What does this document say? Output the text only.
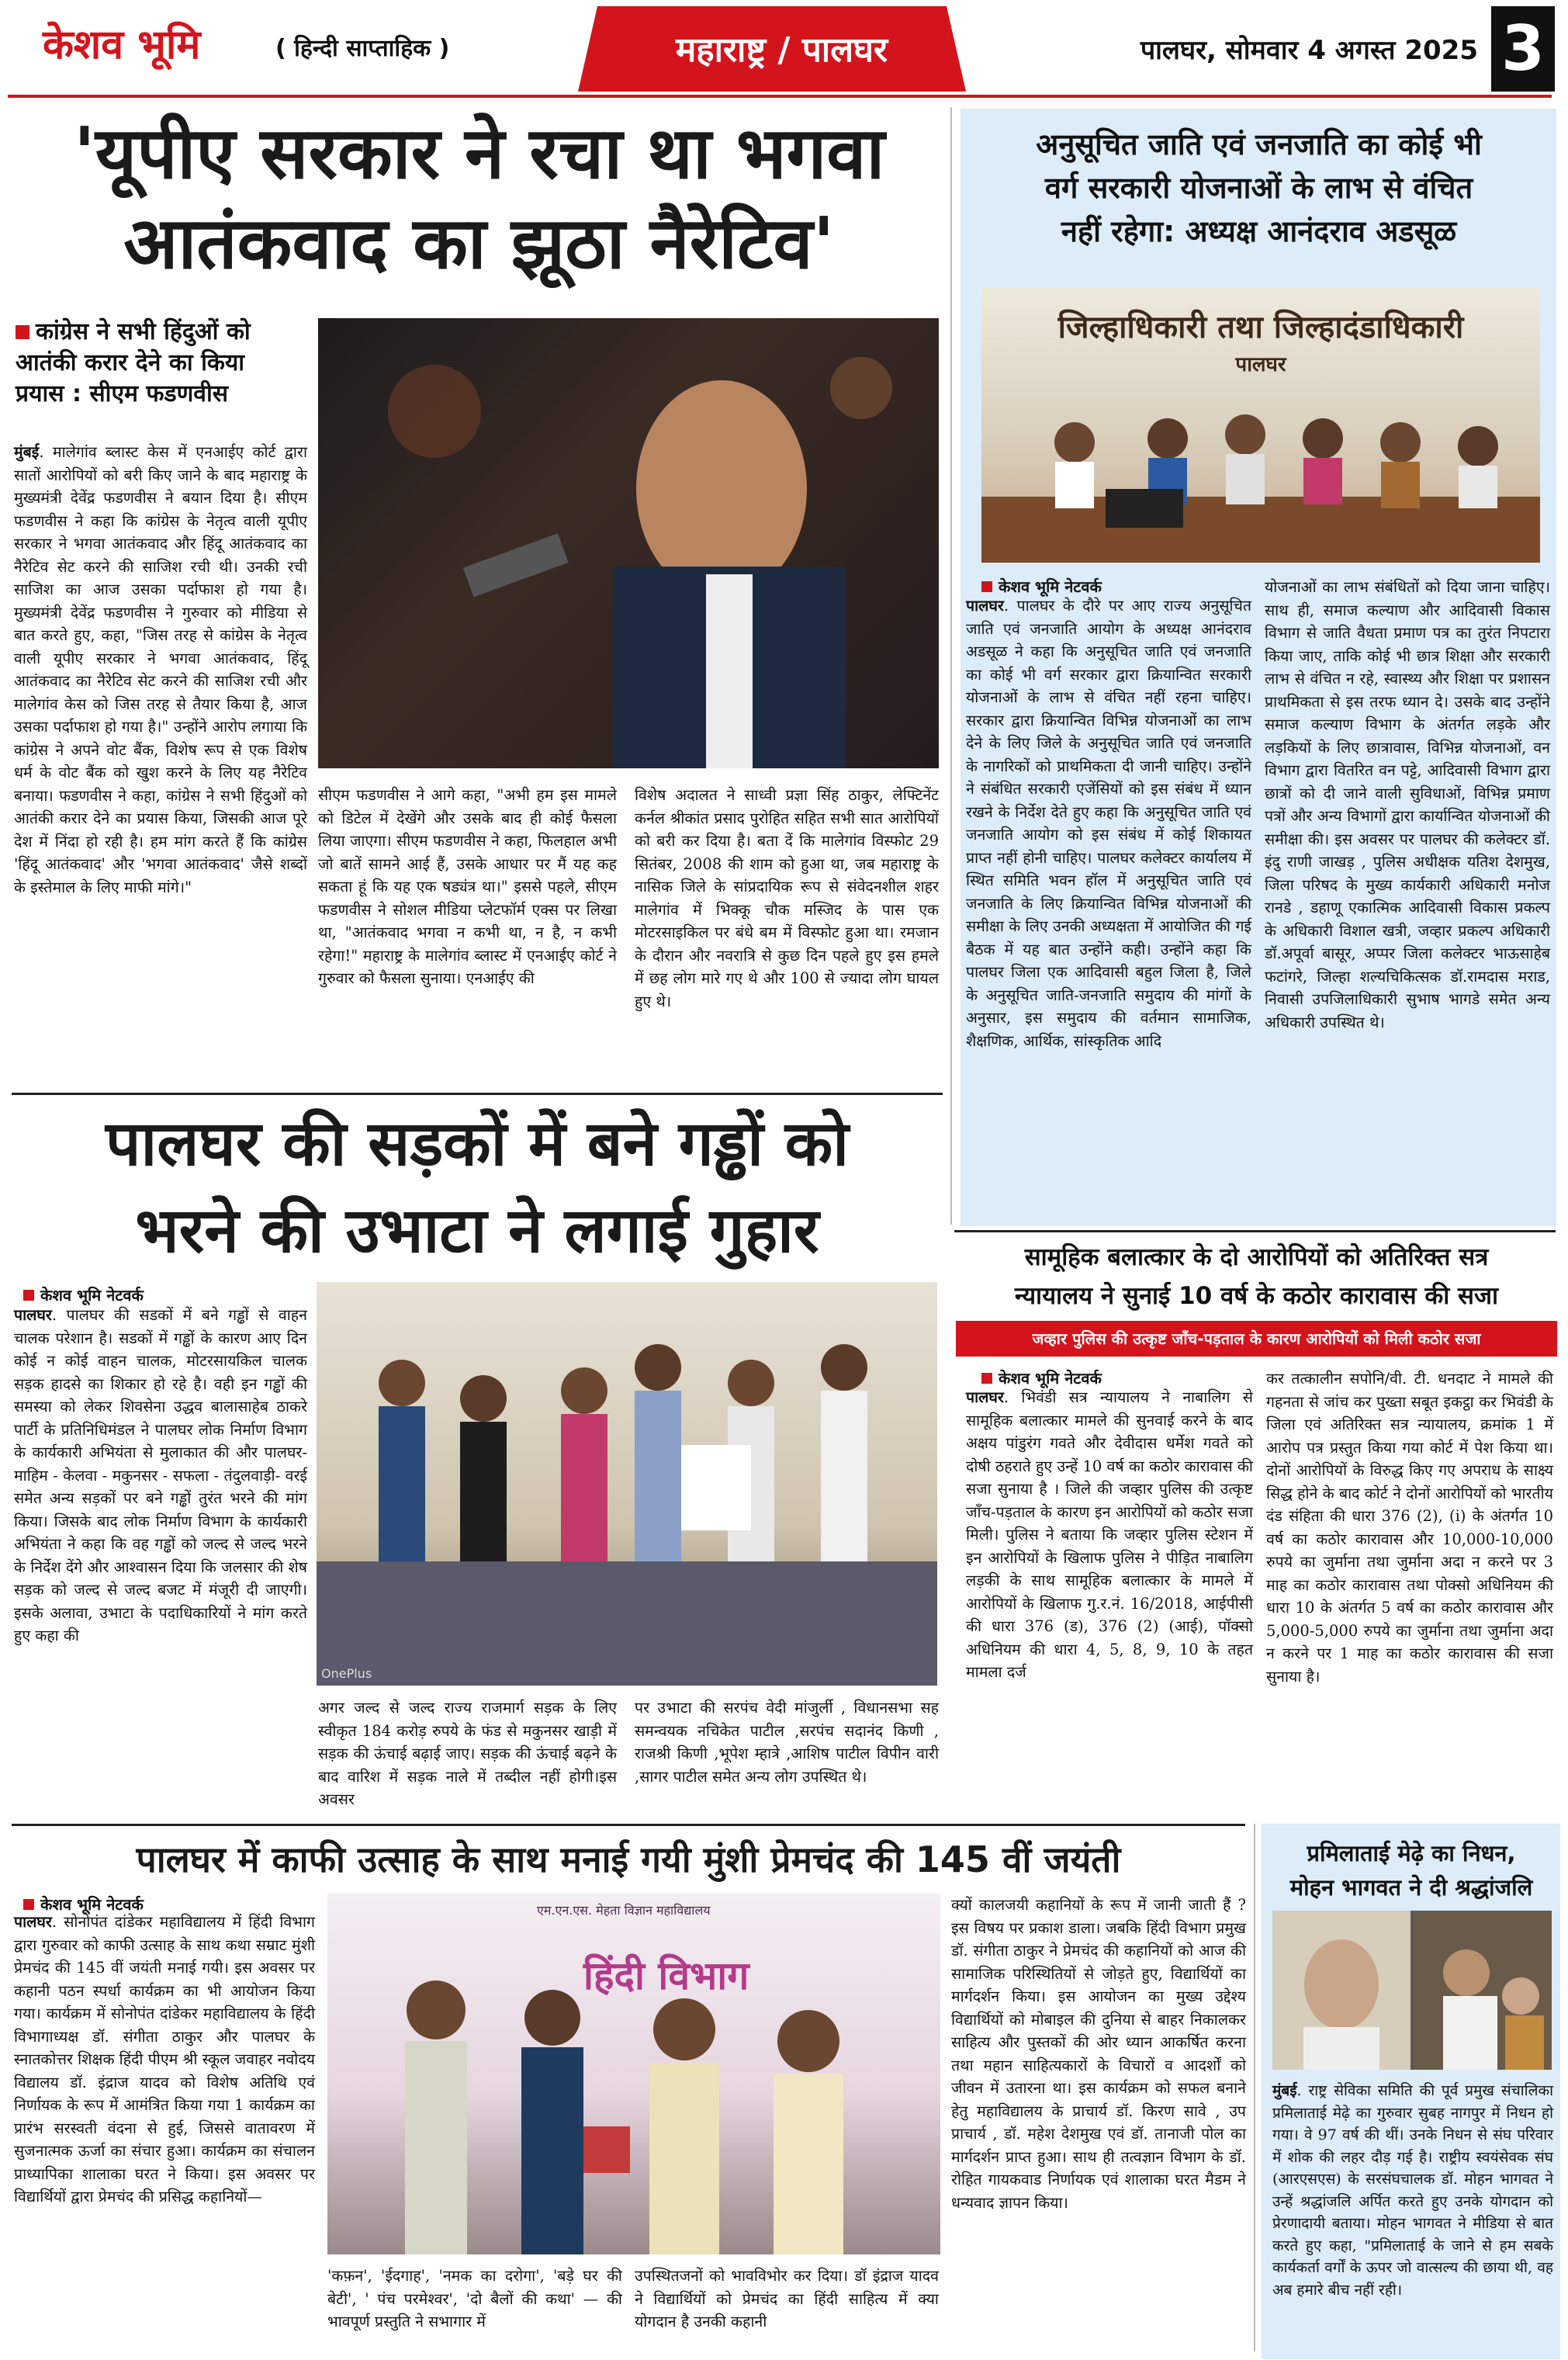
केशव भूमि	( हिन्दी साप्ताहिक )	महाराष्ट्र / पालघर	पालघर, सोमवार 4 अगस्त 2025 3
'यूपीए सरकार ने रचा था भगवा
आतंकवाद का झूठा नैरेटिव'
कांग्रेस ने सभी हिंदुओं को
आतंकी करार देने का किया
प्रयास : सीएम फडणवीस
मुंबई. मालेगांव ब्लास्ट केस में एनआईए कोर्ट द्वारा सातों आरोपियों को बरी किए जाने के बाद महाराष्ट्र के मुख्यमंत्री देवेंद्र फडणवीस ने बयान दिया है। सीएम फडणवीस ने कहा कि कांग्रेस के नेतृत्व वाली यूपीए सरकार ने भगवा आतंकवाद और हिंदू आतंकवाद का नैरेटिव सेट करने की साजिश रची थी। उनकी रची साजिश का आज उसका पर्दाफाश हो गया है। मुख्यमंत्री देवेंद्र फडणवीस ने गुरुवार को मीडिया से बात करते हुए, कहा, "जिस तरह से कांग्रेस के नेतृत्व वाली यूपीए सरकार ने भगवा आतंकवाद, हिंदू आतंकवाद का नैरेटिव सेट करने की साजिश रची और मालेगांव केस को जिस तरह से तैयार किया है, आज उसका पर्दाफाश हो गया है।" उन्होंने आरोप लगाया कि कांग्रेस ने अपने वोट बैंक, विशेष रूप से एक विशेष धर्म के वोट बैंक को खुश करने के लिए यह नैरेटिव बनाया। फडणवीस ने कहा, कांग्रेस ने सभी हिंदुओं को आतंकी करार देने का प्रयास किया, जिसकी आज पूरे देश में निंदा हो रही है। हम मांग करते हैं कि कांग्रेस 'हिंदू आतंकवाद' और 'भगवा आतंकवाद' जैसे शब्दों के इस्तेमाल के लिए माफी मांगे।"
सीएम फडणवीस ने आगे कहा, "अभी हम इस मामले को डिटेल में देखेंगे और उसके बाद ही कोई फैसला लिया जाएगा। सीएम फडणवीस ने कहा, फिलहाल अभी जो बातें सामने आई हैं, उसके आधार पर मैं यह कह सकता हूं कि यह एक षड्यंत्र था।" इससे पहले, सीएम फडणवीस ने सोशल मीडिया प्लेटफॉर्म एक्स पर लिखा था, "आतंकवाद भगवा न कभी था, न है, न कभी रहेगा!" महाराष्ट्र के मालेगांव ब्लास्ट में एनआईए कोर्ट ने गुरुवार को फैसला सुनाया। एनआईए की
विशेष अदालत ने साध्वी प्रज्ञा सिंह ठाकुर, लेफ्टिनेंट कर्नल श्रीकांत प्रसाद पुरोहित सहित सभी सात आरोपियों को बरी कर दिया है। बता दें कि मालेगांव विस्फोट 29 सितंबर, 2008 की शाम को हुआ था, जब महाराष्ट्र के नासिक जिले के सांप्रदायिक रूप से संवेदनशील शहर मालेगांव में भिक्कू चौक मस्जिद के पास एक मोटरसाइकिल पर बंधे बम में विस्फोट हुआ था। रमजान के दौरान और नवरात्रि से कुछ दिन पहले हुए इस हमले में छह लोग मारे गए थे और 100 से ज्यादा लोग घायल हुए थे।
अनुसूचित जाति एवं जनजाति का कोई भी
वर्ग सरकारी योजनाओं के लाभ से वंचित
नहीं रहेगा: अध्यक्ष आनंदराव अडसूळ
जिल्हाधिकारी तथा जिल्हादंडाधिकारी
पालघर
केशव भूमि नेटवर्क
पालघर. पालघर के दौरे पर आए राज्य अनुसूचित जाति एवं जनजाति आयोग के अध्यक्ष आनंदराव अडसूळ ने कहा कि अनुसूचित जाति एवं जनजाति का कोई भी वर्ग सरकार द्वारा क्रियान्वित सरकारी योजनाओं के लाभ से वंचित नहीं रहना चाहिए। सरकार द्वारा क्रियान्वित विभिन्न योजनाओं का लाभ देने के लिए जिले के अनुसूचित जाति एवं जनजाति के नागरिकों को प्राथमिकता दी जानी चाहिए। उन्होंने ने संबंधित सरकारी एजेंसियों को इस संबंध में ध्यान रखने के निर्देश देते हुए कहा कि अनुसूचित जाति एवं जनजाति आयोग को इस संबंध में कोई शिकायत प्राप्त नहीं होनी चाहिए। पालघर कलेक्टर कार्यालय में स्थित समिति भवन हॉल में अनुसूचित जाति एवं जनजाति के लिए क्रियान्वित विभिन्न योजनाओं की समीक्षा के लिए उनकी अध्यक्षता में आयोजित की गई बैठक में यह बात उन्होंने कही। उन्होंने कहा कि पालघर जिला एक आदिवासी बहुल जिला है, जिले के अनुसूचित जाति-जनजाति समुदाय की मांगों के अनुसार, इस समुदाय की वर्तमान सामाजिक, शैक्षणिक, आर्थिक, सांस्कृतिक आदि
योजनाओं का लाभ संबंधितों को दिया जाना चाहिए। साथ ही, समाज कल्याण और आदिवासी विकास विभाग से जाति वैधता प्रमाण पत्र का तुरंत निपटारा किया जाए, ताकि कोई भी छात्र शिक्षा और सरकारी लाभ से वंचित न रहे, स्वास्थ्य और शिक्षा पर प्रशासन प्राथमिकता से इस तरफ ध्यान दे। उसके बाद उन्होंने समाज कल्याण विभाग के अंतर्गत लड़के और लड़कियों के लिए छात्रावास, विभिन्न योजनाओं, वन विभाग द्वारा वितरित वन पट्टे, आदिवासी विभाग द्वारा छात्रों को दी जाने वाली सुविधाओं, विभिन्न प्रमाण पत्रों और अन्य विभागों द्वारा कार्यान्वित योजनाओं की समीक्षा की। इस अवसर पर पालघर की कलेक्टर डॉ. इंदु राणी जाखड़ , पुलिस अधीक्षक यतिश देशमुख, जिला परिषद के मुख्य कार्यकारी अधिकारी मनोज रानडे , डहाणू एकात्मिक आदिवासी विकास प्रकल्प के अधिकारी विशाल खत्री, जव्हार प्रकल्प अधिकारी डॉ.अपूर्वा बासूर, अप्पर जिला कलेक्टर भाऊसाहेब फटांगरे, जिल्हा शल्यचिकित्सक डॉ.रामदास मराड, निवासी उपजिलाधिकारी सुभाष भागडे समेत अन्य अधिकारी उपस्थित थे।
पालघर की सड़कों में बने गड्ढों को
भरने की उभाटा ने लगाई गुहार
केशव भूमि नेटवर्क
पालघर. पालघर की सडकों में बने गड्ढों से वाहन चालक परेशान है। सडकों में गड्ढों के कारण आए दिन कोई न कोई वाहन चालक, मोटरसायकिल चालक सड़क हादसे का शिकार हो रहे है। वही इन गड्ढों की समस्या को लेकर शिवसेना उद्धव बालासाहेब ठाकरे पार्टी के प्रतिनिधिमंडल ने पालघर लोक निर्माण विभाग के कार्यकारी अभियंता से मुलाकात की और पालघर- माहिम - केलवा - मकुनसर - सफला - तंदुलवाड़ी- वरई समेत अन्य सड़कों पर बने गड्ढों तुरंत भरने की मांग किया। जिसके बाद लोक निर्माण विभाग के कार्यकारी अभियंता ने कहा कि वह गड्ढों को जल्द से जल्द भरने के निर्देश देंगे और आश्वासन दिया कि जलसार की शेष सड़क को जल्द से जल्द बजट में मंजूरी दी जाएगी। इसके अलावा, उभाटा के पदाधिकारियों ने मांग करते हुए कहा की
OnePlus
अगर जल्द से जल्द राज्य राजमार्ग सड़क के लिए स्वीकृत 184 करोड़ रुपये के फंड से मकुनसर खाड़ी में सड़क की ऊंचाई बढ़ाई जाए। सड़क की ऊंचाई बढ़ने के बाद वारिश में सड़क नाले में तब्दील नहीं होगी।इस अवसर
पर उभाटा की सरपंच वेदी मांजुर्ली , विधानसभा सह समन्वयक नचिकेत पाटील ,सरपंच सदानंद किणी , राजश्री किणी ,भूपेश म्हात्रे ,आशिष पाटील विपीन वारी ,सागर पाटील समेत अन्य लोग उपस्थित थे।
सामूहिक बलात्कार के दो आरोपियों को अतिरिक्त सत्र
न्यायालय ने सुनाई 10 वर्ष के कठोर कारावास की सजा
जव्हार पुलिस की उत्कृष्ट जाँच-पड़ताल के कारण आरोपियों को मिली कठोर सजा
केशव भूमि नेटवर्क
पालघर. भिवंडी सत्र न्यायालय ने नाबालिग से सामूहिक बलात्कार मामले की सुनवाई करने के बाद अक्षय पांडुरंग गवते और देवीदास धर्मेश गवते को दोषी ठहराते हुए उन्हें 10 वर्ष का कठोर कारावास की सजा सुनाया है । जिले की जव्हार पुलिस की उत्कृष्ट जाँच-पड़ताल के कारण इन आरोपियों को कठोर सजा मिली। पुलिस ने बताया कि जव्हार पुलिस स्टेशन में इन आरोपियों के खिलाफ पुलिस ने पीड़ित नाबालिग लड़की के साथ सामूहिक बलात्कार के मामले में आरोपियों के खिलाफ गु.र.नं. 16/2018, आईपीसी की धारा 376 (ड), 376 (2) (आई), पॉक्सो अधिनियम की धारा 4, 5, 8, 9, 10 के तहत मामला दर्ज
कर तत्कालीन सपोनि/वी. टी. धनदाट ने मामले की गहनता से जांच कर पुख्ता सबूत इकट्ठा कर भिवंडी के जिला एवं अतिरिक्त सत्र न्यायालय, क्रमांक 1 में आरोप पत्र प्रस्तुत किया गया कोर्ट में पेश किया था। दोनों आरोपियों के विरुद्ध किए गए अपराध के साक्ष्य सिद्ध होने के बाद कोर्ट ने दोनों आरोपियों को भारतीय दंड संहिता की धारा 376 (2), (i) के अंतर्गत 10 वर्ष का कठोर कारावास और 10,000-10,000 रुपये का जुर्माना तथा जुर्माना अदा न करने पर 3 माह का कठोर कारावास तथा पोक्सो अधिनियम की धारा 10 के अंतर्गत 5 वर्ष का कठोर कारावास और 5,000-5,000 रुपये का जुर्माना तथा जुर्माना अदा न करने पर 1 माह का कठोर कारावास की सजा सुनाया है।
पालघर में काफी उत्साह के साथ मनाई गयी मुंशी प्रेमचंद की 145 वीं जयंती
केशव भूमि नेटवर्क
पालघर. सोनोपंत दांडेकर महाविद्यालय में हिंदी विभाग द्वारा गुरुवार को काफी उत्साह के साथ कथा सम्राट मुंशी प्रेमचंद की 145 वीं जयंती मनाई गयी। इस अवसर पर कहानी पठन स्पर्धा कार्यक्रम का भी आयोजन किया गया। कार्यक्रम में सोनोपंत दांडेकर महाविद्यालय के हिंदी विभागाध्यक्ष डॉ. संगीता ठाकुर और पालघर के स्नातकोत्तर शिक्षक हिंदी पीएम श्री स्कूल जवाहर नवोदय विद्यालय डॉ. इंद्राज यादव को विशेष अतिथि एवं निर्णायक के रूप में आमंत्रित किया गया 1 कार्यक्रम का प्रारंभ सरस्वती वंदना से हुई, जिससे वातावरण में सुजनात्मक ऊर्जा का संचार हुआ। कार्यक्रम का संचालन प्राध्यापिका शालाका घरत ने किया। इस अवसर पर विद्यार्थियों द्वारा प्रेमचंद की प्रसिद्ध कहानियों—
एम.एन.एस. मेहता विज्ञान महाविद्यालय
हिंदी विभाग
'कफ़न', 'ईदगाह', 'नमक का दरोगा', 'बड़े घर की बेटी', ' पंच परमेश्वर', 'दो बैलों की कथा' — की भावपूर्ण प्रस्तुति ने सभागार में
उपस्थितजनों को भावविभोर कर दिया। डॉ इंद्राज यादव ने विद्यार्थियों को प्रेमचंद का हिंदी साहित्य में क्या योगदान है उनकी कहानी
क्यों कालजयी कहानियों के रूप में जानी जाती हैं ? इस विषय पर प्रकाश डाला। जबकि हिंदी विभाग प्रमुख डॉ. संगीता ठाकुर ने प्रेमचंद की कहानियों को आज की सामाजिक परिस्थितियों से जोड़ते हुए, विद्यार्थियों का मार्गदर्शन किया। इस आयोजन का मुख्य उद्देश्य विद्यार्थियों को मोबाइल की दुनिया से बाहर निकालकर साहित्य और पुस्तकों की ओर ध्यान आकर्षित करना तथा महान साहित्यकारों के विचारों व आदर्शों को जीवन में उतारना था। इस कार्यक्रम को सफल बनाने हेतु महाविद्यालय के प्राचार्य डॉ. किरण सावे , उप प्राचार्य , डॉ. महेश देशमुख एवं डॉ. तानाजी पोल का मार्गदर्शन प्राप्त हुआ। साथ ही तत्वज्ञान विभाग के डॉ. रोहित गायकवाड निर्णायक एवं शालाका घरत मैडम ने धन्यवाद ज्ञापन किया।
प्रमिलाताई मेढ़े का निधन,
मोहन भागवत ने दी श्रद्धांजलि
मुंबई. राष्ट्र सेविका समिति की पूर्व प्रमुख संचालिका प्रमिलाताई मेढ़े का गुरुवार सुबह नागपुर में निधन हो गया। वे 97 वर्ष की थीं। उनके निधन से संघ परिवार में शोक की लहर दौड़ गई है। राष्ट्रीय स्वयंसेवक संघ (आरएसएस) के सरसंघचालक डॉ. मोहन भागवत ने उन्हें श्रद्धांजलि अर्पित करते हुए उनके योगदान को प्रेरणादायी बताया। मोहन भागवत ने मीडिया से बात करते हुए कहा, "प्रमिलाताई के जाने से हम सबके कार्यकर्ता वर्गों के ऊपर जो वात्सल्य की छाया थी, वह अब हमारे बीच नहीं रही।
